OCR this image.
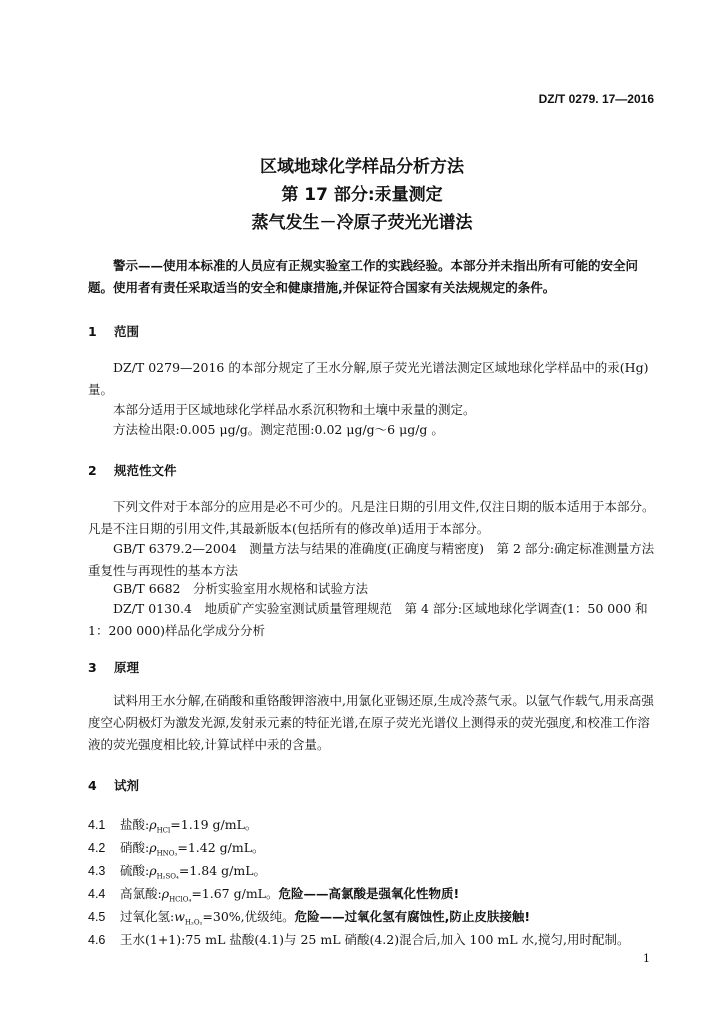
DZ/T 0279. 17—2016
区域地球化学样品分析方法
第 17 部分:汞量测定
蒸气发生－冷原子荧光光谱法
警示——使用本标准的人员应有正规实验室工作的实践经验。本部分并未指出所有可能的安全问题。使用者有责任采取适当的安全和健康措施,并保证符合国家有关法规规定的条件。
1 范围
DZ/T 0279—2016 的本部分规定了王水分解,原子荧光光谱法测定区域地球化学样品中的汞(Hg)量。
本部分适用于区域地球化学样品水系沉积物和土壤中汞量的测定。
方法检出限:0.005 μg/g。测定范围:0.02 μg/g～6 μg/g 。
2 规范性文件
下列文件对于本部分的应用是必不可少的。凡是注日期的引用文件,仅注日期的版本适用于本部分。凡是不注日期的引用文件,其最新版本(包括所有的修改单)适用于本部分。
GB/T 6379.2—2004　测量方法与结果的准确度(正确度与精密度)　第 2 部分:确定标准测量方法重复性与再现性的基本方法
GB/T 6682　分析实验室用水规格和试验方法
DZ/T 0130.4　地质矿产实验室测试质量管理规范　第 4 部分:区域地球化学调查(1：50 000 和1：200 000)样品化学成分分析
3 原理
试料用王水分解,在硝酸和重铬酸钾溶液中,用氯化亚锡还原,生成冷蒸气汞。以氩气作载气,用汞高强度空心阴极灯为激发光源,发射汞元素的特征光谱,在原子荧光光谱仪上测得汞的荧光强度,和校准工作溶液的荧光强度相比较,计算试样中汞的含量。
4 试剂
4.1 盐酸$:\rho_{HCl}=1.19$ g/mL。
4.2 硝酸$:\rho_{HNO_3}=1.42$ g/mL。
4.3 硫酸$:\rho_{H_2SO_4}=1.84$ g/mL。
4.4 高氯酸$:\rho_{HClO_4}=1.67$ g/mL。危险——高氯酸是强氧化性物质!
4.5 过氧化氢$:w_{H_2O_2}=30\%$,优级纯。危险——过氧化氢有腐蚀性,防止皮肤接触!
4.6 王水(1+1):75 mL 盐酸(4.1)与 25 mL 硝酸(4.2)混合后,加入 100 mL 水,搅匀,用时配制。
1
